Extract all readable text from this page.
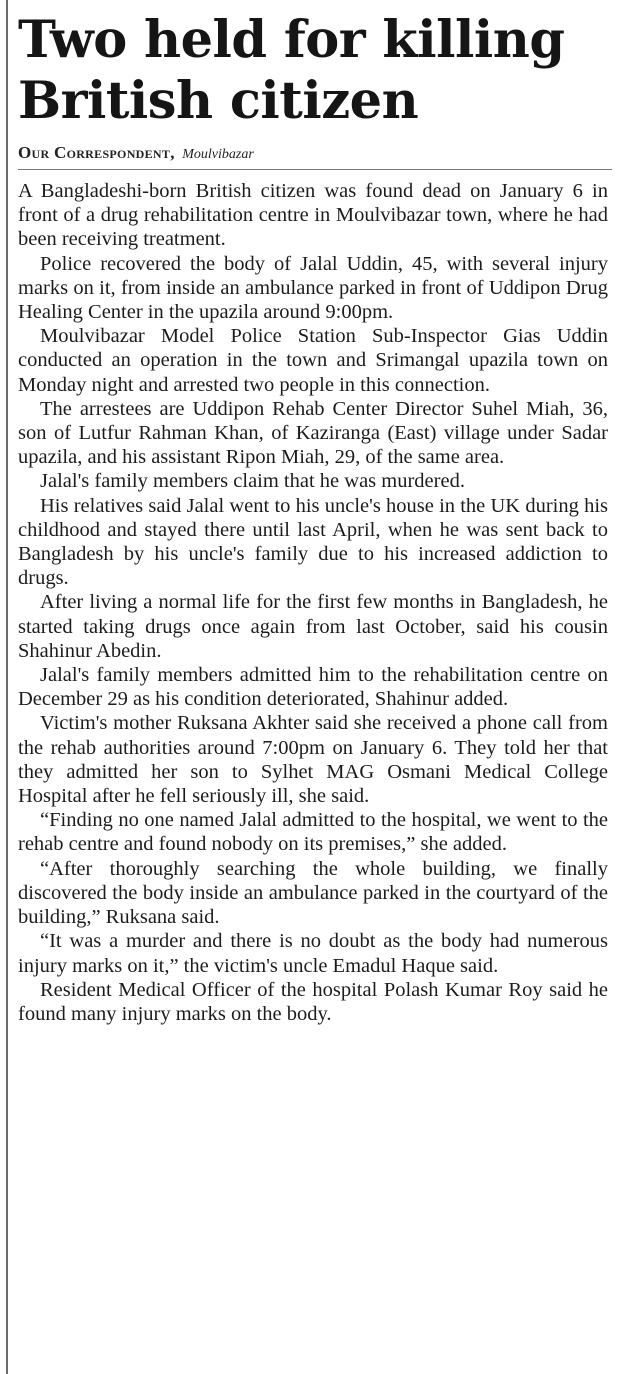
Two held for killing
British citizen
Our Correspondent, Moulvibazar

A Bangladeshi-born British citizen was found dead on January 6 in front of a drug rehabilitation centre in Moulvibazar town, where he had been receiving treatment.

Police recovered the body of Jalal Uddin, 45, with several injury marks on it, from inside an ambulance parked in front of Uddipon Drug Healing Center in the upazila around 9:00pm.

Moulvibazar Model Police Station Sub-Inspector Gias Uddin conducted an operation in the town and Srimangal upazila town on Monday night and arrested two people in this connection.

The arrestees are Uddipon Rehab Center Director Suhel Miah, 36, son of Lutfur Rahman Khan, of Kaziranga (East) village under Sadar upazila, and his assistant Ripon Miah, 29, of the same area.

Jalal's family members claim that he was murdered.

His relatives said Jalal went to his uncle's house in the UK during his childhood and stayed there until last April, when he was sent back to Bangladesh by his uncle's family due to his increased addiction to drugs.

After living a normal life for the first few months in Bangladesh, he started taking drugs once again from last October, said his cousin Shahinur Abedin.

Jalal's family members admitted him to the rehabilitation centre on December 29 as his condition deteriorated, Shahinur added.

Victim's mother Ruksana Akhter said she received a phone call from the rehab authorities around 7:00pm on January 6. They told her that they admitted her son to Sylhet MAG Osmani Medical College Hospital after he fell seriously ill, she said.

“Finding no one named Jalal admitted to the hospital, we went to the rehab centre and found nobody on its premises,” she added.

“After thoroughly searching the whole building, we finally discovered the body inside an ambulance parked in the courtyard of the building,” Ruksana said.

“It was a murder and there is no doubt as the body had numerous injury marks on it,” the victim's uncle Emadul Haque said.

Resident Medical Officer of the hospital Polash Kumar Roy said he found many injury marks on the body.
